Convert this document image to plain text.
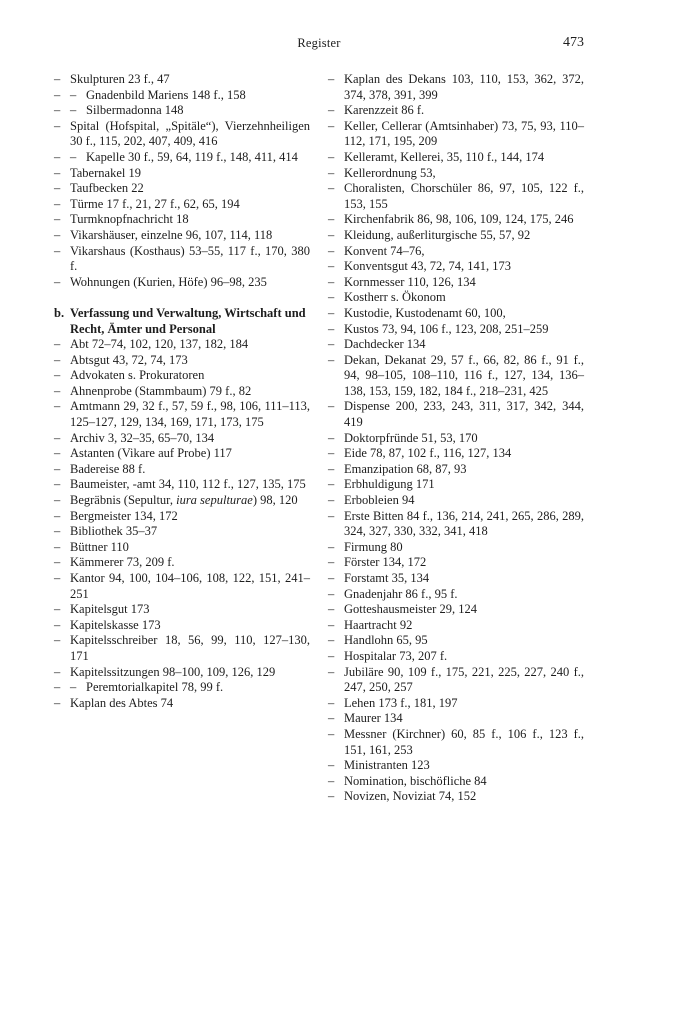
Register	473
– Skulpturen 23 f., 47
– – Gnadenbild Mariens 148 f., 158
– – Silbermadonna 148
– Spital (Hofspital, „Spitäle“), Vierzehnheiligen 30 f., 115, 202, 407, 409, 416
– – Kapelle 30 f., 59, 64, 119 f., 148, 411, 414
– Tabernakel 19
– Taufbecken 22
– Türme 17 f., 21, 27 f., 62, 65, 194
– Turmknopfnachricht 18
– Vikarshäuser, einzelne 96, 107, 114, 118
– Vikarshaus (Kosthaus) 53–55, 117 f., 170, 380 f.
– Wohnungen (Kurien, Höfe) 96–98, 235
b. Verfassung und Verwaltung, Wirtschaft und Recht, Ämter und Personal
– Abt 72–74, 102, 120, 137, 182, 184
– Abtsgut 43, 72, 74, 173
– Advokaten s. Prokuratoren
– Ahnenprobe (Stammbaum) 79 f., 82
– Amtmann 29, 32 f., 57, 59 f., 98, 106, 111–113, 125–127, 129, 134, 169, 171, 173, 175
– Archiv 3, 32–35, 65–70, 134
– Astanten (Vikare auf Probe) 117
– Badereise 88 f.
– Baumeister, -amt 34, 110, 112 f., 127, 135, 175
– Begräbnis (Sepultur, iura sepulturae) 98, 120
– Bergmeister 134, 172
– Bibliothek 35–37
– Büttner 110
– Kämmerer 73, 209 f.
– Kantor 94, 100, 104–106, 108, 122, 151, 241–251
– Kapitelsgut 173
– Kapitelskasse 173
– Kapitelsschreiber 18, 56, 99, 110, 127–130, 171
– Kapitelssitzungen 98–100, 109, 126, 129
– – Peremtorialkapitel 78, 99 f.
– Kaplan des Abtes 74
– Kaplan des Dekans 103, 110, 153, 362, 372, 374, 378, 391, 399
– Karenzzeit 86 f.
– Keller, Cellerar (Amtsinhaber) 73, 75, 93, 110–112, 171, 195, 209
– Kelleramt, Kellerei, 35, 110 f., 144, 174
– Kellerordnung 53,
– Choralisten, Chorschüler 86, 97, 105, 122 f., 153, 155
– Kirchenfabrik 86, 98, 106, 109, 124, 175, 246
– Kleidung, außerliturgische 55, 57, 92
– Konvent 74–76,
– Konventsgut 43, 72, 74, 141, 173
– Kornmesser 110, 126, 134
– Kostherr s. Ökonom
– Kustodie, Kustodenamt 60, 100,
– Kustos 73, 94, 106 f., 123, 208, 251–259
– Dachdecker 134
– Dekan, Dekanat 29, 57 f., 66, 82, 86 f., 91 f., 94, 98–105, 108–110, 116 f., 127, 134, 136–138, 153, 159, 182, 184 f., 218–231, 425
– Dispense 200, 233, 243, 311, 317, 342, 344, 419
– Doktorpfründe 51, 53, 170
– Eide 78, 87, 102 f., 116, 127, 134
– Emanzipation 68, 87, 93
– Erbhuldigung 171
– Erbobleien 94
– Erste Bitten 84 f., 136, 214, 241, 265, 286, 289, 324, 327, 330, 332, 341, 418
– Firmung 80
– Förster 134, 172
– Forstamt 35, 134
– Gnadenjahr 86 f., 95 f.
– Gotteshausmeister 29, 124
– Haartracht 92
– Handlohn 65, 95
– Hospitalar 73, 207 f.
– Jubiläre 90, 109 f., 175, 221, 225, 227, 240 f., 247, 250, 257
– Lehen 173 f., 181, 197
– Maurer 134
– Messner (Kirchner) 60, 85 f., 106 f., 123 f., 151, 161, 253
– Ministranten 123
– Nomination, bischöfliche 84
– Novizen, Noviziat 74, 152
